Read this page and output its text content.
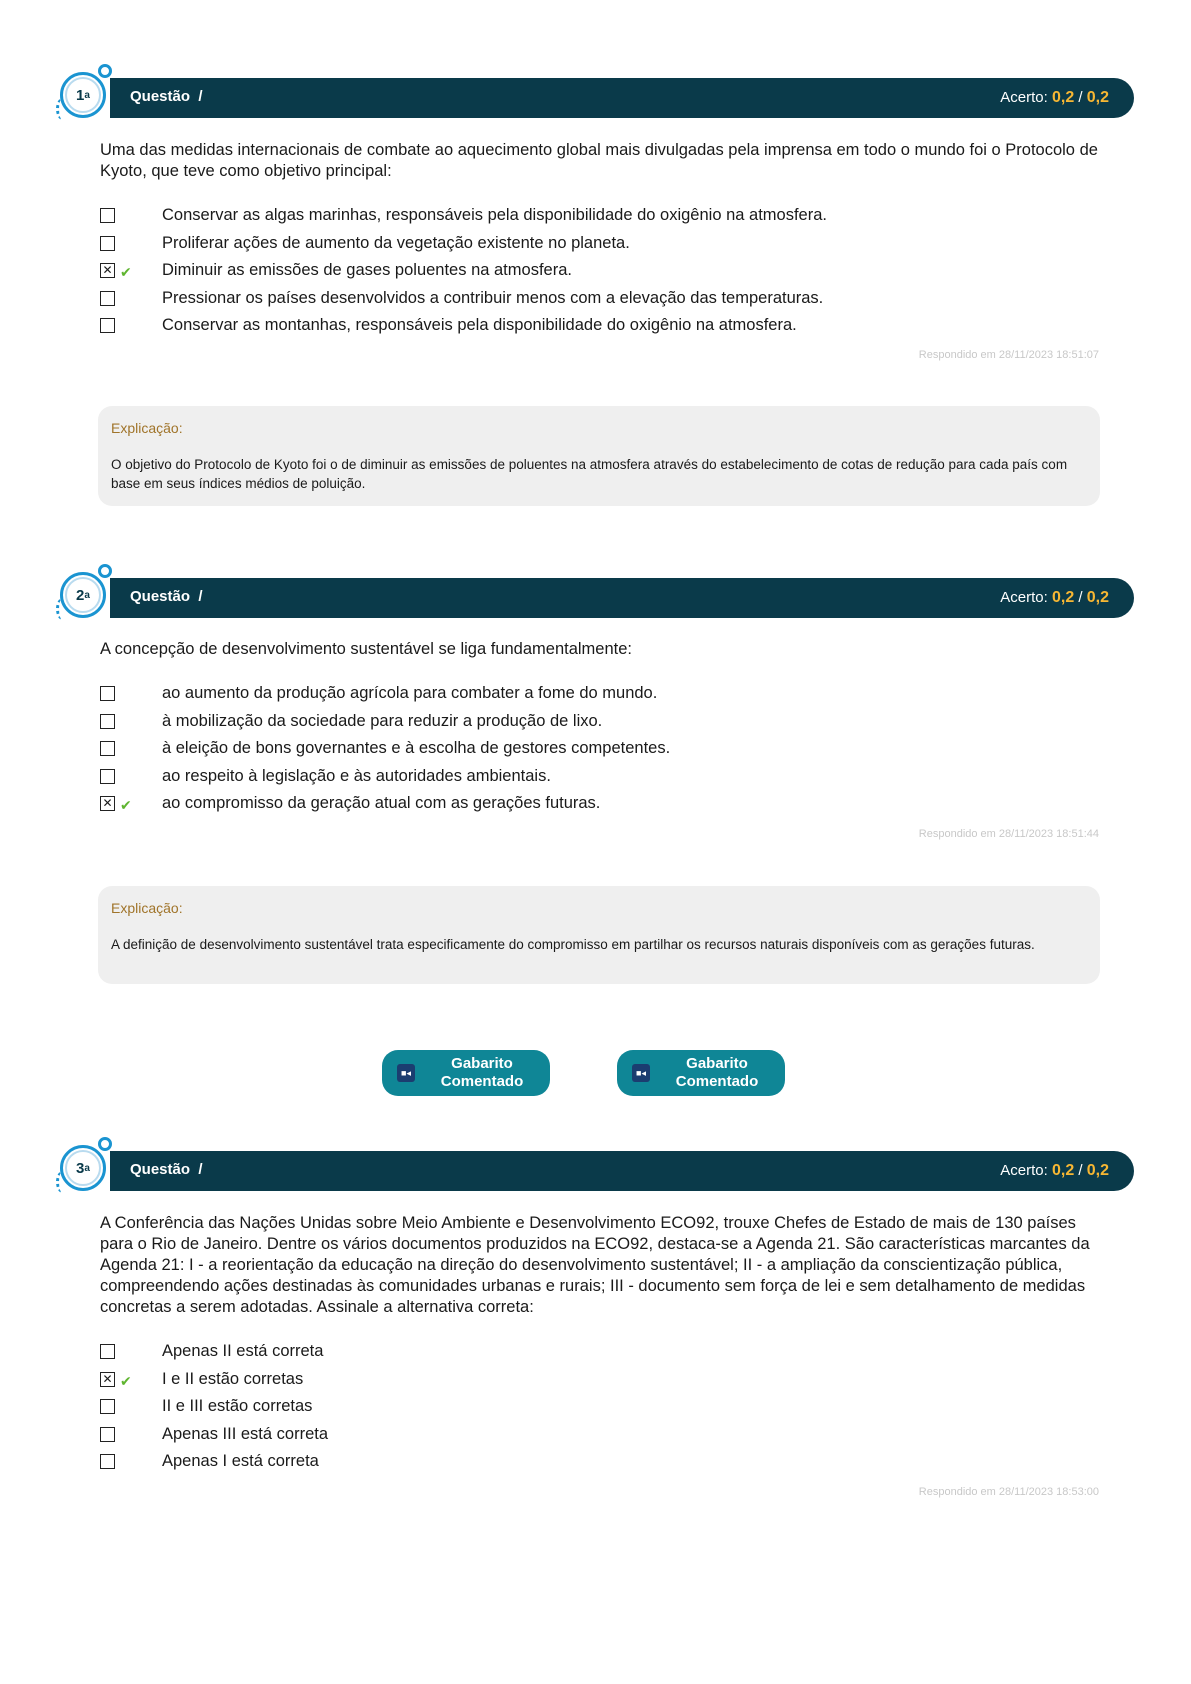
1 a	Questão /	Acerto: 0,2 / 0,2
Uma das medidas internacionais de combate ao aquecimento global mais divulgadas pela imprensa em todo o mundo foi o Protocolo de Kyoto, que teve como objetivo principal:
Conservar as algas marinhas, responsáveis pela disponibilidade do oxigênio na atmosfera.
Proliferar ações de aumento da vegetação existente no planeta.
✕ ✔ Diminuir as emissões de gases poluentes na atmosfera.
Pressionar os países desenvolvidos a contribuir menos com a elevação das temperaturas.
Conservar as montanhas, responsáveis pela disponibilidade do oxigênio na atmosfera.
Respondido em 28/11/2023 18:51:07
Explicação:
O objetivo do Protocolo de Kyoto foi o de diminuir as emissões de poluentes na atmosfera através do estabelecimento de cotas de redução para cada país com base em seus índices médios de poluição.
2 a	Questão /	Acerto: 0,2 / 0,2
A concepção de desenvolvimento sustentável se liga fundamentalmente:
ao aumento da produção agrícola para combater a fome do mundo.
à mobilização da sociedade para reduzir a produção de lixo.
à eleição de bons governantes e à escolha de gestores competentes.
ao respeito à legislação e às autoridades ambientais.
✕ ✔ ao compromisso da geração atual com as gerações futuras.
Respondido em 28/11/2023 18:51:44
Explicação:
A definição de desenvolvimento sustentável trata especificamente do compromisso em partilhar os recursos naturais disponíveis com as gerações futuras.
■◂
Gabarito
Comentado	■◂
Gabarito
Comentado
3 a	Questão /	Acerto: 0,2 / 0,2
A Conferência das Nações Unidas sobre Meio Ambiente e Desenvolvimento ECO92, trouxe Chefes de Estado de mais de 130 países para o Rio de Janeiro. Dentre os vários documentos produzidos na ECO92, destaca-se a Agenda 21. São características marcantes da Agenda 21: I - a reorientação da educação na direção do desenvolvimento sustentável; II - a ampliação da conscientização pública, compreendendo ações destinadas às comunidades urbanas e rurais; III - documento sem força de lei e sem detalhamento de medidas concretas a serem adotadas. Assinale a alternativa correta:
Apenas II está correta
✕ ✔ I e II estão corretas
II e III estão corretas
Apenas III está correta
Apenas I está correta
Respondido em 28/11/2023 18:53:00
